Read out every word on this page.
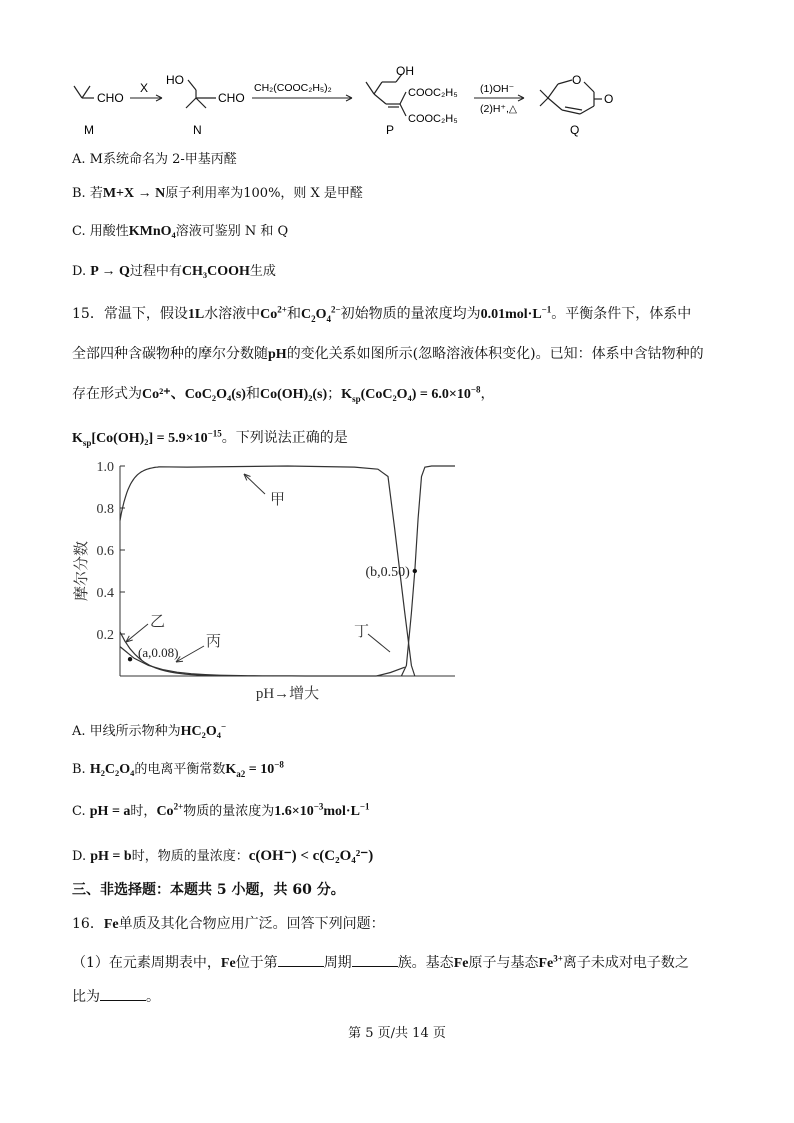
CHO
M
X
HO
CHO
N
CH₂(COOC₂H₅)₂
OH
COOC₂H₅
COOC₂H₅
P
(1)OH⁻
(2)H⁺,△
O
O
Q
A. M系统命名为 2-甲基丙醛
B. 若M+X → N原子利用率为100%，则 X 是甲醛
C. 用酸性KMnO₄溶液可鉴别 N 和 Q
D. P → Q过程中有CH₃COOH生成
15．常温下，假设1L水溶液中$Co^{2+}$和$C_2O_4^{2-}$初始物质的量浓度均为$0.01mol\cdot L^{-1}$。平衡条件下，体系中
全部四种含碳物种的摩尔分数随pH的变化关系如图所示(忽略溶液体积变化)。已知：体系中含钴物种的
存在形式为Co²⁺、CoC₂O₄(s)和Co(OH)₂(s)；$K_{sp}(CoC_2O_4) = 6.0\times 10^{-8}$，
$K_{sp}[Co(OH)_2] = 5.9\times 10^{-15}$。下列说法正确的是
0.2
0.4
0.6
0.8
1.0
摩尔分数
pH→增大
(a,0.08)
(b,0.50)
甲
乙
丙
丁
A. 甲线所示物种为HC₂O₄−
B. H₂C₂O₄的电离平衡常数$K_{a2} = 10^{-8}$
C. pH = a时，$Co^{2+}$物质的量浓度为$1.6\times 10^{-3}mol\cdot L^{-1}$
D. pH = b时，物质的量浓度：c(OH⁻) < c(C₂O₄²⁻)
三、非选择题：本题共 5 小题，共 60 分。
16．Fe单质及其化合物应用广泛。回答下列问题：
（1）在元素周期表中，Fe位于第	周期	族。基态Fe原子与基态$Fe^{3+}$离子未成对电子数之
比为	。
第 5 页/共 14 页
